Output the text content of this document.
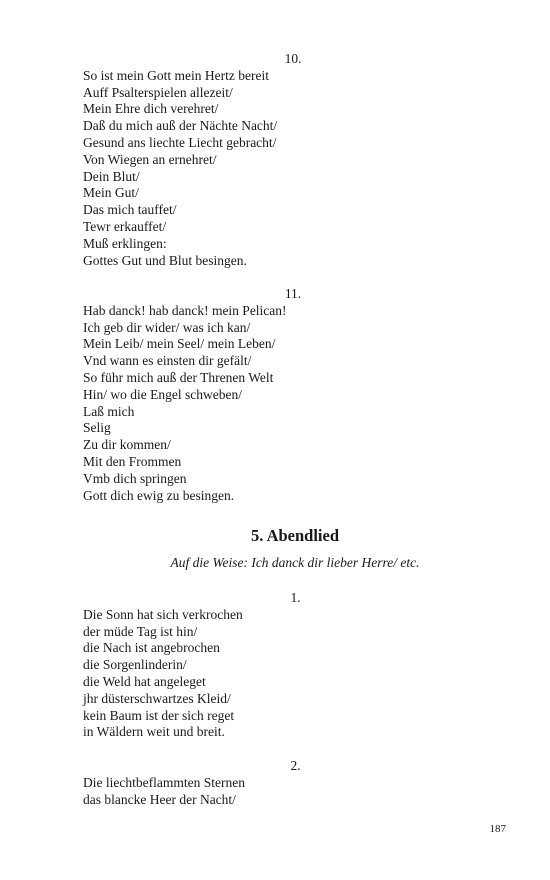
10.
So ist mein Gott mein Hertz bereit
Auff Psalterspielen allezeit/
Mein Ehre dich verehret/
Daß du mich auß der Nächte Nacht/
Gesund ans liechte Liecht gebracht/
Von Wiegen an ernehret/
Dein Blut/
Mein Gut/
Das mich tauffet/
Tewr erkauffet/
Muß erklingen:
Gottes Gut und Blut besingen.
11.
Hab danck! hab danck! mein Pelican!
Ich geb dir wider/ was ich kan/
Mein Leib/ mein Seel/ mein Leben/
Vnd wann es einsten dir gefält/
So führ mich auß der Threnen Welt
Hin/ wo die Engel schweben/
Laß mich
Selig
Zu dir kommen/
Mit den Frommen
Vmb dich springen
Gott dich ewig zu besingen.
5. Abendlied
Auf die Weise: Ich danck dir lieber Herre/ etc.
1.
Die Sonn hat sich verkrochen
der müde Tag ist hin/
die Nach ist angebrochen
die Sorgenlinderin/
die Weld hat angeleget
jhr düsterschwartzes Kleid/
kein Baum ist der sich reget
in Wäldern weit und breit.
2.
Die liechtbeflammten Sternen
das blancke Heer der Nacht/
187
